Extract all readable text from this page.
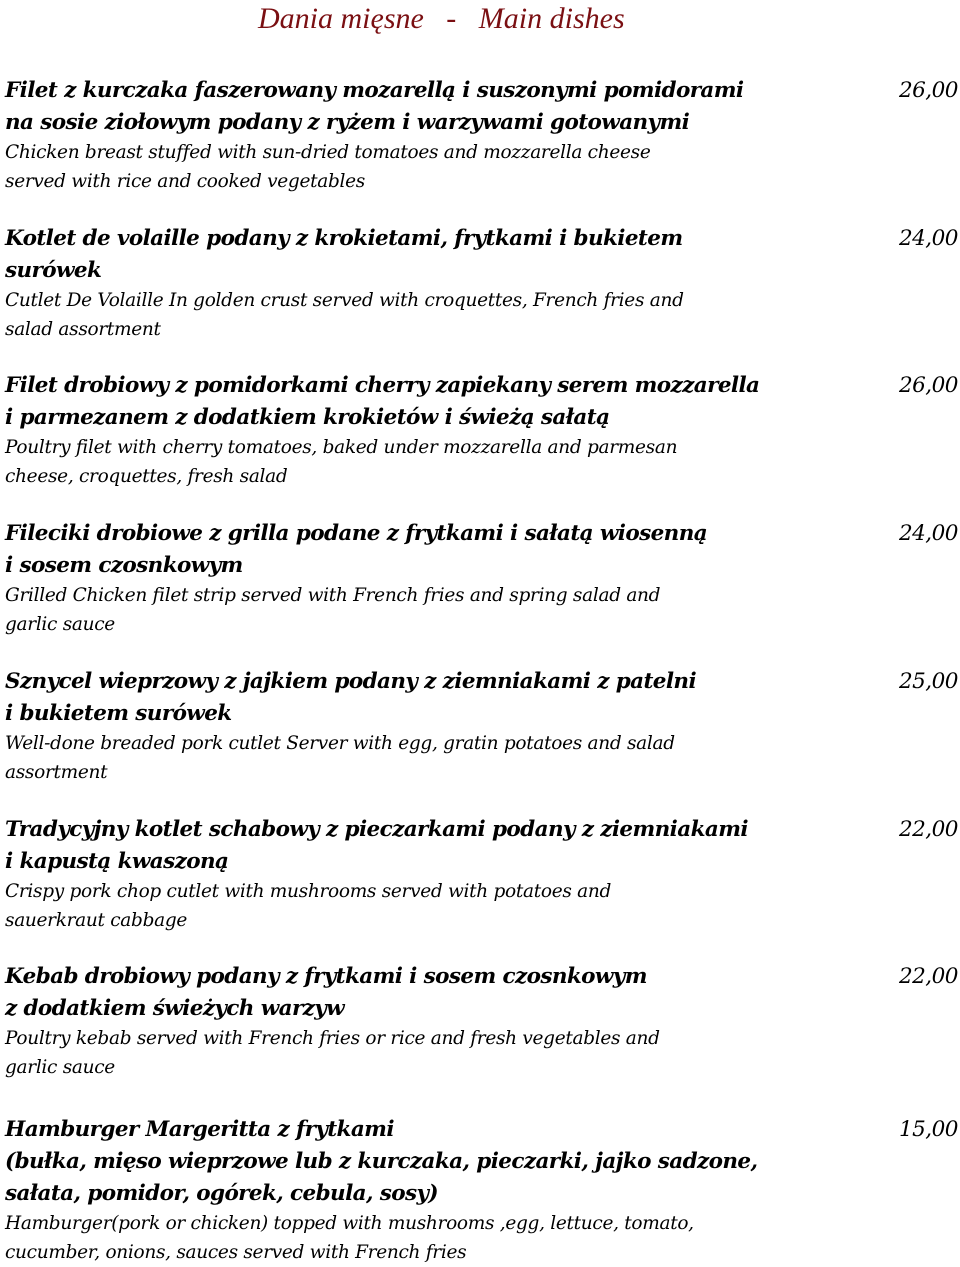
Dania mięsne   -   Main dishes
Filet z kurczaka faszerowany mozarellą i suszonymi pomidorami
na sosie ziołowym podany z ryżem i warzywami gotowanymi
Chicken breast stuffed with sun-dried tomatoes and mozzarella cheese
served with rice and cooked vegetables
26,00
Kotlet de volaille podany z krokietami, frytkami i bukietem
surówek
Cutlet De Volaille In golden crust served with croquettes, French fries and
salad assortment
24,00
Filet drobiowy z pomidorkami cherry zapiekany serem mozzarella
i parmezanem z dodatkiem krokietów i świeżą sałatą
Poultry filet with cherry tomatoes, baked under mozzarella and parmesan
cheese, croquettes, fresh salad
26,00
Fileciki drobiowe z grilla podane z frytkami i sałatą wiosenną
i sosem czosnkowym
Grilled Chicken filet strip served with French fries and spring salad and
garlic sauce
24,00
Sznycel wieprzowy z jajkiem podany z ziemniakami z patelni
i bukietem surówek
Well-done breaded pork cutlet Server with egg, gratin potatoes and salad
assortment
25,00
Tradycyjny kotlet schabowy z pieczarkami podany z ziemniakami
i kapustą kwaszoną
Crispy pork chop cutlet with mushrooms served with potatoes and
sauerkraut cabbage
22,00
Kebab drobiowy podany z frytkami i sosem czosnkowym
z dodatkiem świeżych warzyw
Poultry kebab served with French fries or rice and fresh vegetables and
garlic sauce
22,00
Hamburger Margeritta z frytkami
(bułka, mięso wieprzowe lub z kurczaka, pieczarki, jajko sadzone,
sałata, pomidor, ogórek, cebula, sosy)
Hamburger(pork or chicken) topped with mushrooms ,egg, lettuce, tomato,
cucumber, onions, sauces served with French fries
15,00
